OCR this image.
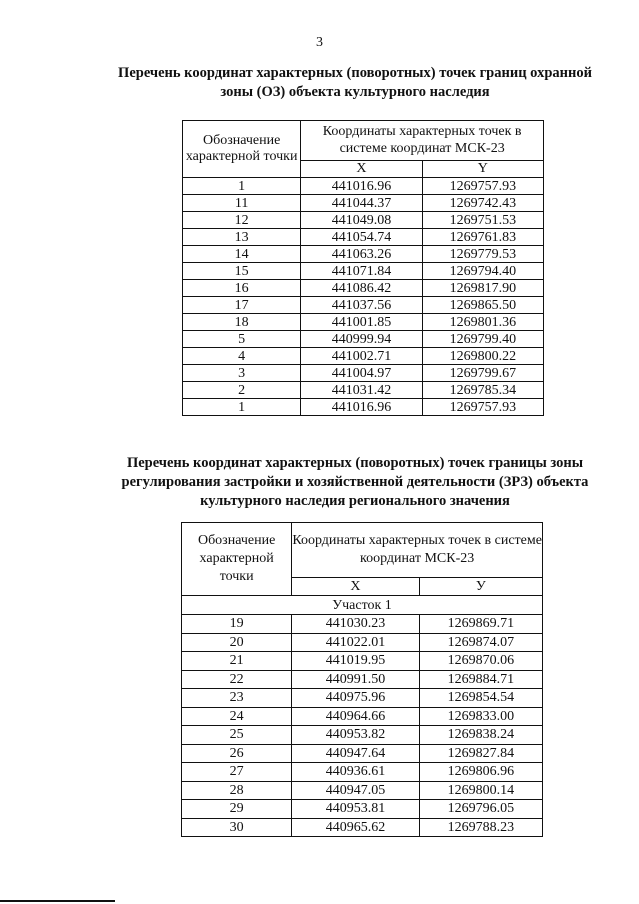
3
Перечень координат характерных (поворотных) точек границ охранной
зоны (ОЗ) объекта культурного наследия
Обозначение характерной точки	Координаты характерных точек в системе координат МСК-23	
	X	Y
1	441016.96	1269757.93
11	441044.37	1269742.43
12	441049.08	1269751.53
13	441054.74	1269761.83
14	441063.26	1269779.53
15	441071.84	1269794.40
16	441086.42	1269817.90
17	441037.56	1269865.50
18	441001.85	1269801.36
5	440999.94	1269799.40
4	441002.71	1269800.22
3	441004.97	1269799.67
2	441031.42	1269785.34
1	441016.96	1269757.93
Перечень координат характерных (поворотных) точек границы зоны
регулирования застройки и хозяйственной деятельности (ЗРЗ) объекта
культурного наследия регионального значения
Обозначение характерной точки	Координаты характерных точек в системе координат МСК-23	
	X	У
Участок 1		
19	441030.23	1269869.71
20	441022.01	1269874.07
21	441019.95	1269870.06
22	440991.50	1269884.71
23	440975.96	1269854.54
24	440964.66	1269833.00
25	440953.82	1269838.24
26	440947.64	1269827.84
27	440936.61	1269806.96
28	440947.05	1269800.14
29	440953.81	1269796.05
30	440965.62	1269788.23
